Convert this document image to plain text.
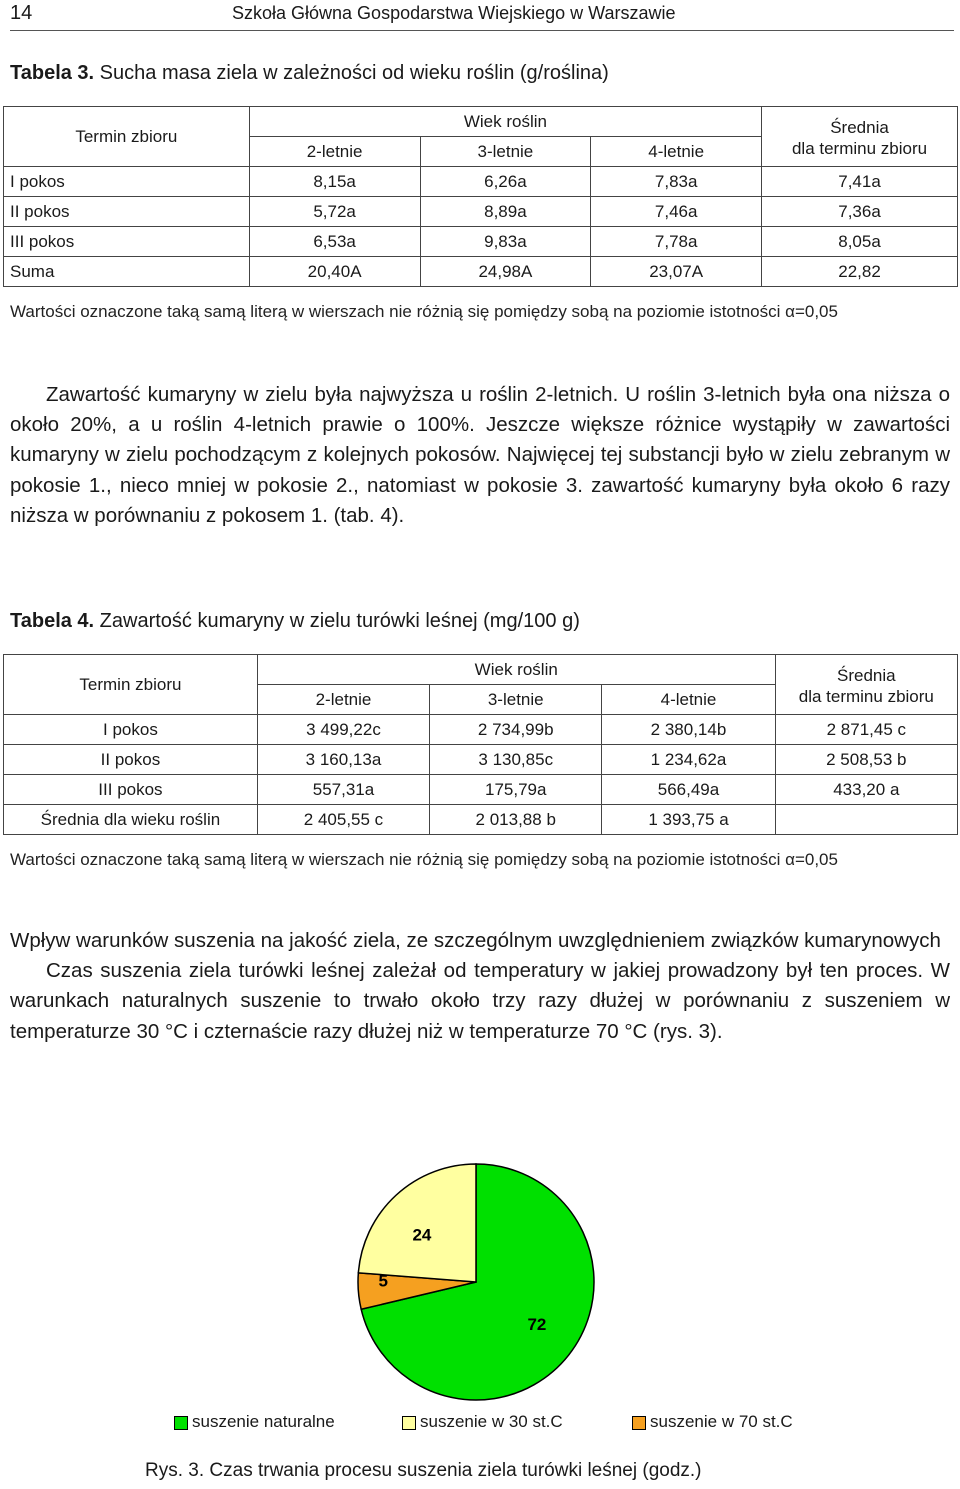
14	Szkoła Główna Gospodarstwa Wiejskiego w Warszawie
Tabela 3. Sucha masa ziela w zależności od wieku roślin (g/roślina)
Termin zbioru	Wiek roślin			Średnia
dla terminu zbioru
	2-letnie	3-letnie	4-letnie	
I pokos	8,15a	6,26a	7,83a	7,41a
II pokos	5,72a	8,89a	7,46a	7,36a
III pokos	6,53a	9,83a	7,78a	8,05a
Suma	20,40A	24,98A	23,07A	22,82
Wartości oznaczone taką samą literą w wierszach nie różnią się pomiędzy sobą na poziomie istotności α=0,05

Zawartość kumaryny w zielu była najwyższa u roślin 2-letnich. U roślin 3-letnich była ona niższa o około 20%, a u roślin 4-letnich prawie o 100%. Jeszcze większe różnice wystąpiły w zawartości kumaryny w zielu pochodzącym z kolejnych pokosów. Najwięcej tej substancji było w zielu zebranym w pokosie 1., nieco mniej w pokosie 2., natomiast w pokosie 3. zawartość kumaryny była około 6 razy niższa w porównaniu z pokosem 1. (tab. 4).

Tabela 4. Zawartość kumaryny w zielu turówki leśnej (mg/100 g)
Termin zbioru	Wiek roślin			Średnia
dla terminu zbioru
	2-letnie	3-letnie	4-letnie	
I pokos	3 499,22c	2 734,99b	2 380,14b	2 871,45 c
II pokos	3 160,13a	3 130,85c	1 234,62a	2 508,53 b
III pokos	557,31a	175,79a	566,49a	433,20 a
Średnia dla wieku roślin	2 405,55 c	2 013,88 b	1 393,75 a	
Wartości oznaczone taką samą literą w wierszach nie różnią się pomiędzy sobą na poziomie istotności α=0,05

Wpływ warunków suszenia na jakość ziela, ze szczególnym uwzględnieniem związków kumarynowych

Czas suszenia ziela turówki leśnej zależał od temperatury w jakiej prowadzony był ten proces. W warunkach naturalnych suszenie to trwało około trzy razy dłużej w porównaniu z suszeniem w temperaturze 30 °C i czternaście razy dłużej niż w temperaturze 70 °C (rys. 3).

72
5
24
suszenie naturalne	suszenie w 30 st.C	suszenie w 70 st.C
Rys. 3. Czas trwania procesu suszenia ziela turówki leśnej (godz.)
